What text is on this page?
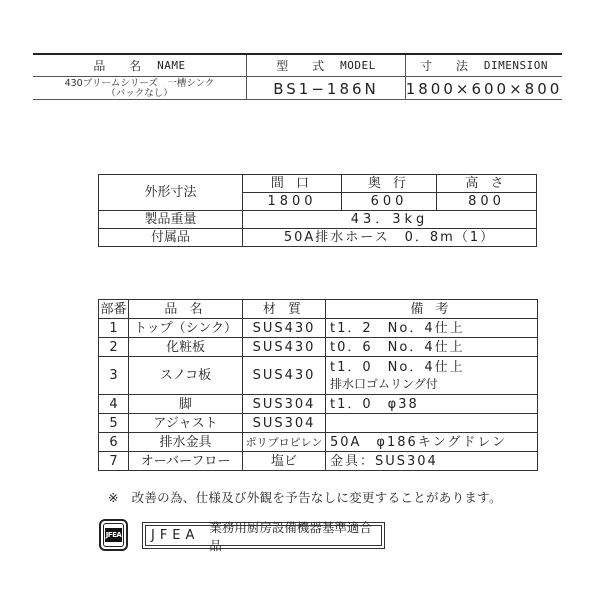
品 名 NAME	型 式 MODEL	寸 法 DIMENSION
430ブリームシリーズ　一槽シンク
（バックなし）	BS1−186N	1800×600×800
外形寸法	間 口	奥 行	高 さ
	1800	600	800
製品重量	43．3kg		
付属品	50A排水ホース　0．8m（1）		
部番	品 名	材 質	備 考
1	トップ（シンク）	SUS430	t1．2　No．4仕上
2	化粧板	SUS430	t0．6　No．4仕上
3	スノコ板	SUS430	t1．0　No．4仕上
排水口ゴムリング付

4	脚	SUS304	t1．0　φ38
5	アジャスト	SUS304	
6	排水金具	ポリプロピレン	50A　φ186キングドレン
7	オーバーフロー	塩ビ	金具：SUS304
※　改善の為、仕様及び外観を予告なしに変更することがあります。
JFEA JFEA
業務用厨房設備機器基準適合品
